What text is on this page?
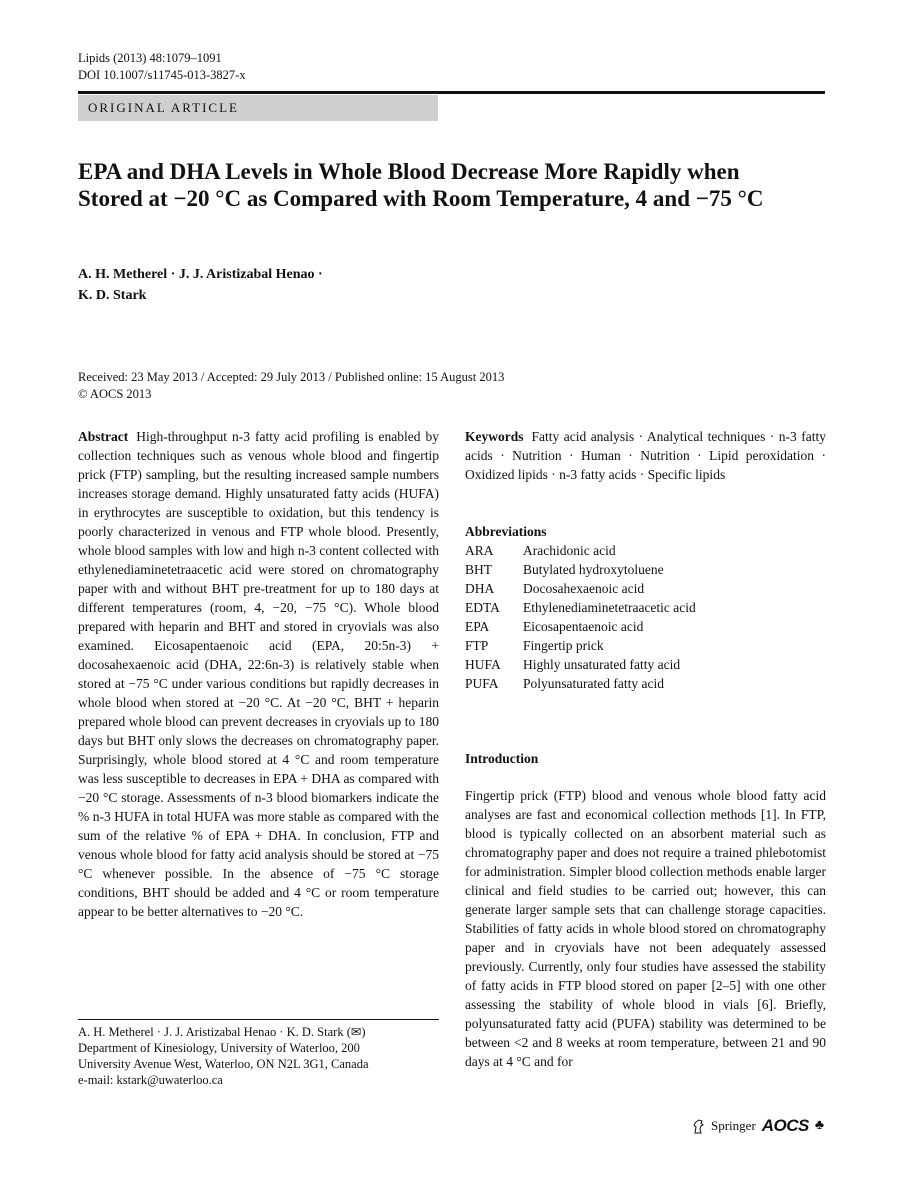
Lipids (2013) 48:1079–1091
DOI 10.1007/s11745-013-3827-x
ORIGINAL ARTICLE
EPA and DHA Levels in Whole Blood Decrease More Rapidly when Stored at −20 °C as Compared with Room Temperature, 4 and −75 °C
A. H. Metherel · J. J. Aristizabal Henao ·
K. D. Stark
Received: 23 May 2013 / Accepted: 29 July 2013 / Published online: 15 August 2013
© AOCS 2013
Abstract High-throughput n-3 fatty acid profiling is enabled by collection techniques such as venous whole blood and fingertip prick (FTP) sampling, but the resulting increased sample numbers increases storage demand. Highly unsaturated fatty acids (HUFA) in erythrocytes are susceptible to oxidation, but this tendency is poorly characterized in venous and FTP whole blood. Presently, whole blood samples with low and high n-3 content collected with ethylenediaminetetraacetic acid were stored on chromatography paper with and without BHT pre-treatment for up to 180 days at different temperatures (room, 4, −20, −75 °C). Whole blood prepared with heparin and BHT and stored in cryovials was also examined. Eicosapentaenoic acid (EPA, 20:5n-3) + docosahexaenoic acid (DHA, 22:6n-3) is relatively stable when stored at −75 °C under various conditions but rapidly decreases in whole blood when stored at −20 °C. At −20 °C, BHT + heparin prepared whole blood can prevent decreases in cryovials up to 180 days but BHT only slows the decreases on chromatography paper. Surprisingly, whole blood stored at 4 °C and room temperature was less susceptible to decreases in EPA + DHA as compared with −20 °C storage. Assessments of n-3 blood biomarkers indicate the % n-3 HUFA in total HUFA was more stable as compared with the sum of the relative % of EPA + DHA. In conclusion, FTP and venous whole blood for fatty acid analysis should be stored at −75 °C whenever possible. In the absence of −75 °C storage conditions, BHT should be added and 4 °C or room temperature appear to be better alternatives to −20 °C.
A. H. Metherel · J. J. Aristizabal Henao · K. D. Stark (✉)
Department of Kinesiology, University of Waterloo, 200
University Avenue West, Waterloo, ON N2L 3G1, Canada
e-mail: kstark@uwaterloo.ca
Keywords Fatty acid analysis · Analytical techniques · n-3 fatty acids · Nutrition · Human · Nutrition · Lipid peroxidation · Oxidized lipids · n-3 fatty acids · Specific lipids
Abbreviations
ARA	Arachidonic acid
BHT	Butylated hydroxytoluene
DHA	Docosahexaenoic acid
EDTA	Ethylenediaminetetraacetic acid
EPA	Eicosapentaenoic acid
FTP	Fingertip prick
HUFA	Highly unsaturated fatty acid
PUFA	Polyunsaturated fatty acid
Introduction
Fingertip prick (FTP) blood and venous whole blood fatty acid analyses are fast and economical collection methods [1]. In FTP, blood is typically collected on an absorbent material such as chromatography paper and does not require a trained phlebotomist for administration. Simpler blood collection methods enable larger clinical and field studies to be carried out; however, this can generate larger sample sets that can challenge storage capacities. Stabilities of fatty acids in whole blood stored on chromatography paper and in cryovials have not been adequately assessed previously. Currently, only four studies have assessed the stability of fatty acids in FTP blood stored on paper [2–5] with one other assessing the stability of whole blood in vials [6]. Briefly, polyunsaturated fatty acid (PUFA) stability was determined to be between <2 and 8 weeks at room temperature, between 21 and 90 days at 4 °C and for
Springer AOCS ♣
